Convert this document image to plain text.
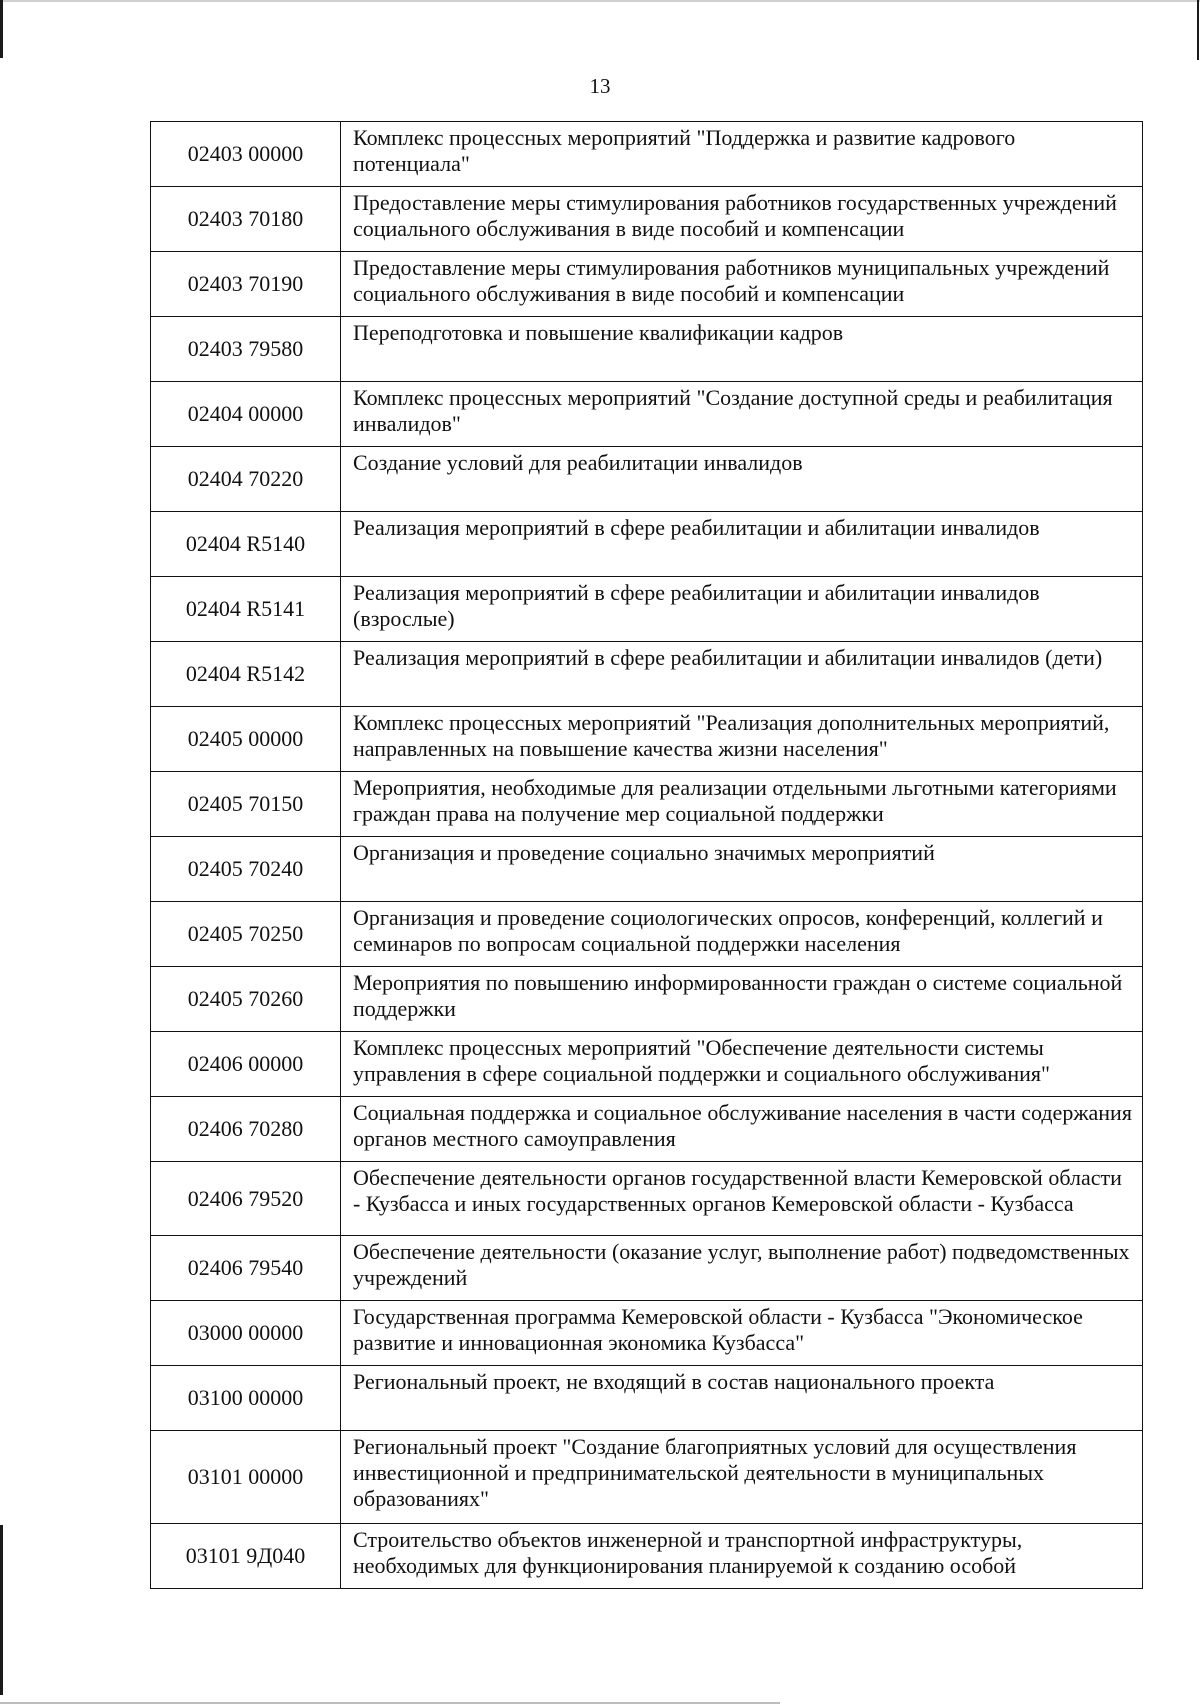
13
02403 00000	Комплекс процессных мероприятий "Поддержка и развитие кадрового потенциала"
02403 70180	Предоставление меры стимулирования работников государственных учреждений социального обслуживания в виде пособий и компенсации
02403 70190	Предоставление меры стимулирования работников муниципальных учреждений социального обслуживания в виде пособий и компенсации
02403 79580	Переподготовка и повышение квалификации кадров
02404 00000	Комплекс процессных мероприятий "Создание доступной среды и реабилитация инвалидов"
02404 70220	Создание условий для реабилитации инвалидов
02404 R5140	Реализация мероприятий в сфере реабилитации и абилитации инвалидов
02404 R5141	Реализация мероприятий в сфере реабилитации и абилитации инвалидов (взрослые)
02404 R5142	Реализация мероприятий в сфере реабилитации и абилитации инвалидов (дети)
02405 00000	Комплекс процессных мероприятий "Реализация дополнительных мероприятий, направленных на повышение качества жизни населения"
02405 70150	Мероприятия, необходимые для реализации отдельными льготными категориями граждан права на получение мер социальной поддержки
02405 70240	Организация и проведение социально значимых мероприятий
02405 70250	Организация и проведение социологических опросов, конференций, коллегий и семинаров по вопросам социальной поддержки населения
02405 70260	Мероприятия по повышению информированности граждан о системе социальной поддержки
02406 00000	Комплекс процессных мероприятий "Обеспечение деятельности системы управления в сфере социальной поддержки и социального обслуживания"
02406 70280	Социальная поддержка и социальное обслуживание населения в части содержания органов местного самоуправления
02406 79520	Обеспечение деятельности органов государственной власти Кемеровской области - Кузбасса и иных государственных органов Кемеровской области - Кузбасса
02406 79540	Обеспечение деятельности (оказание услуг, выполнение работ) подведомственных учреждений
03000 00000	Государственная программа Кемеровской области - Кузбасса "Экономическое развитие и инновационная экономика Кузбасса"
03100 00000	Региональный проект, не входящий в состав национального проекта
03101 00000	Региональный проект "Создание благоприятных условий для осуществления инвестиционной и предпринимательской деятельности в муниципальных образованиях"
03101 9Д040	Строительство объектов инженерной и транспортной инфраструктуры, необходимых для функционирования планируемой к созданию особой
